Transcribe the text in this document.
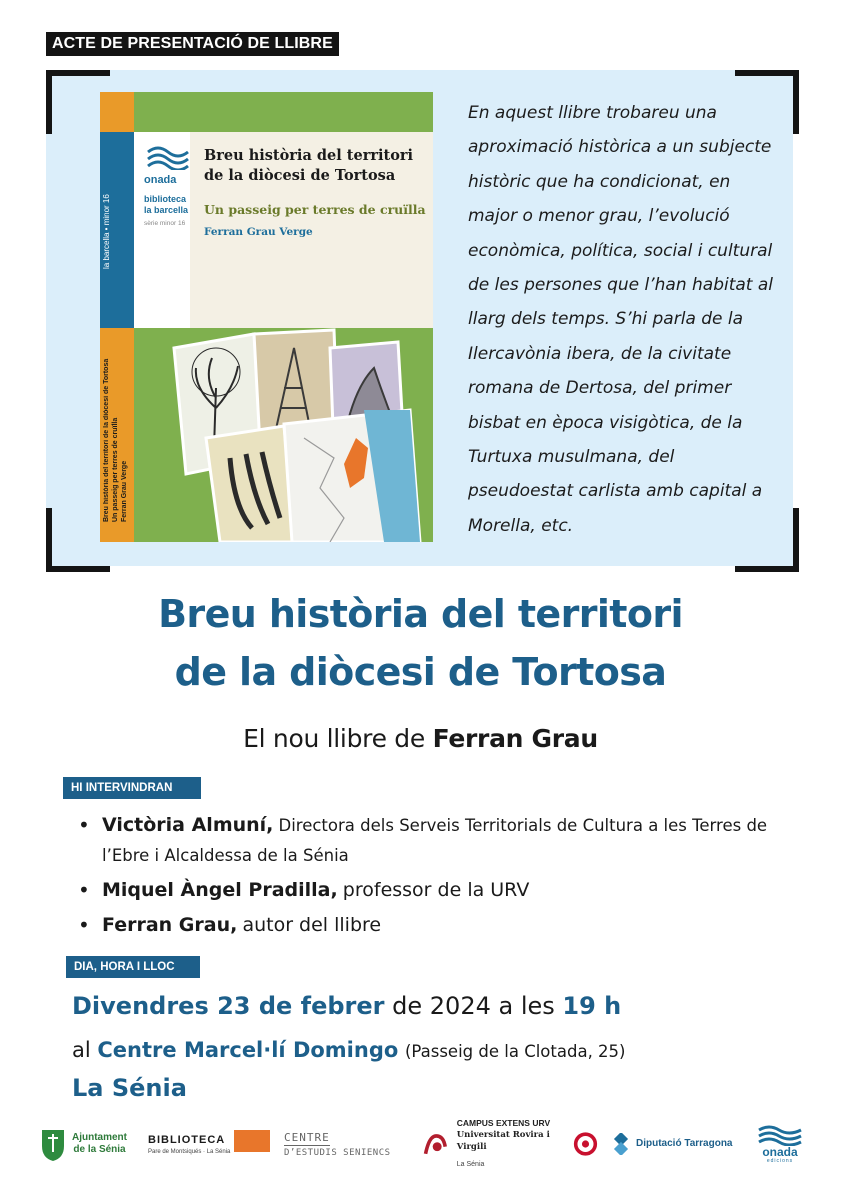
ACTE DE PRESENTACIÓ DE LLIBRE
la barcella • minor 16
Breu història del territori de la diòcesi de Tortosa Un passeig per terres de cruïlla Ferran Grau Verge
onada
biblioteca
la barcella
sèrie minor 16
Breu història del territori
de la diòcesi de Tortosa
Un passeig per terres de cruïlla
Ferran Grau Verge
En aquest llibre trobareu una aproximació històrica a un subjecte històric que ha condicionat, en major o menor grau, l’evolució econòmica, política, social i cultural de les persones que l’han habitat al llarg dels temps. S’hi parla de la Ilercavònia ibera, de la civitate romana de Dertosa, del primer bisbat en època visigòtica, de la Turtuxa musulmana, del pseudoestat carlista amb capital a Morella, etc.
Breu història del territori
de la diòcesi de Tortosa
El nou llibre de Ferran Grau
HI INTERVINDRAN
• Victòria Almuní, Directora dels Serveis Territorials de Cultura a les Terres de l’Ebre i Alcaldessa de la Sénia
• Miquel Àngel Pradilla, professor de la URV
• Ferran Grau, autor del llibre
DIA, HORA I LLOC
Divendres 23 de febrer de 2024 a les 19 h
al Centre Marcel·lí Domingo (Passeig de la Clotada, 25)
La Sénia
Ajuntament
de la Sénia
BIBLIOTECA
Pare de Montsiqués · La Sénia
CENTRE

D’ESTUDIS SENIENCS
CAMPUS EXTENS URV
Universitat Rovira i Virgili
La Sénia
Diputació Tarragona
onada
edicions
